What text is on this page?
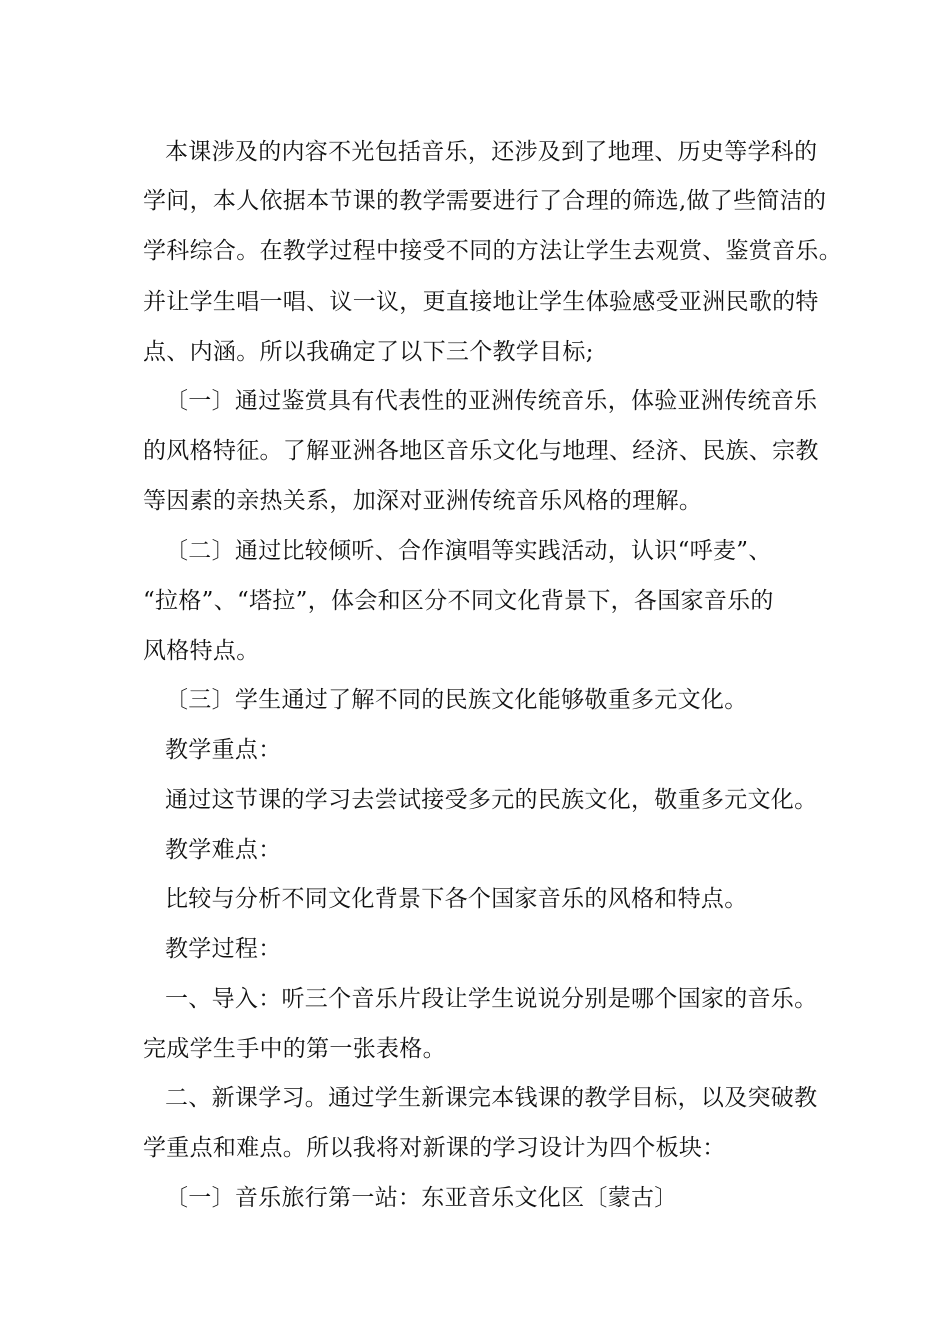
本课涉及的内容不光包括音乐，还涉及到了地理、历史等学科的
学问，本人依据本节课的教学需要进行了合理的筛选,做了些简洁的
学科综合。在教学过程中接受不同的方法让学生去观赏、鉴赏音乐。
并让学生唱一唱、议一议，更直接地让学生体验感受亚洲民歌的特
点、内涵。所以我确定了以下三个教学目标;
〔一〕通过鉴赏具有代表性的亚洲传统音乐，体验亚洲传统音乐
的风格特征。了解亚洲各地区音乐文化与地理、经济、民族、宗教
等因素的亲热关系，加深对亚洲传统音乐风格的理解。
〔二〕通过比较倾听、合作演唱等实践活动，认识“呼麦”、
“拉格”、“塔拉”，体会和区分不同文化背景下，各国家音乐的
风格特点。
〔三〕学生通过了解不同的民族文化能够敬重多元文化。
教学重点：
通过这节课的学习去尝试接受多元的民族文化，敬重多元文化。
教学难点：
比较与分析不同文化背景下各个国家音乐的风格和特点。
教学过程：
一、导入：听三个音乐片段让学生说说分别是哪个国家的音乐。
完成学生手中的第一张表格。
二、新课学习。通过学生新课完本钱课的教学目标，以及突破教
学重点和难点。所以我将对新课的学习设计为四个板块：
〔一〕音乐旅行第一站：东亚音乐文化区〔蒙古〕
